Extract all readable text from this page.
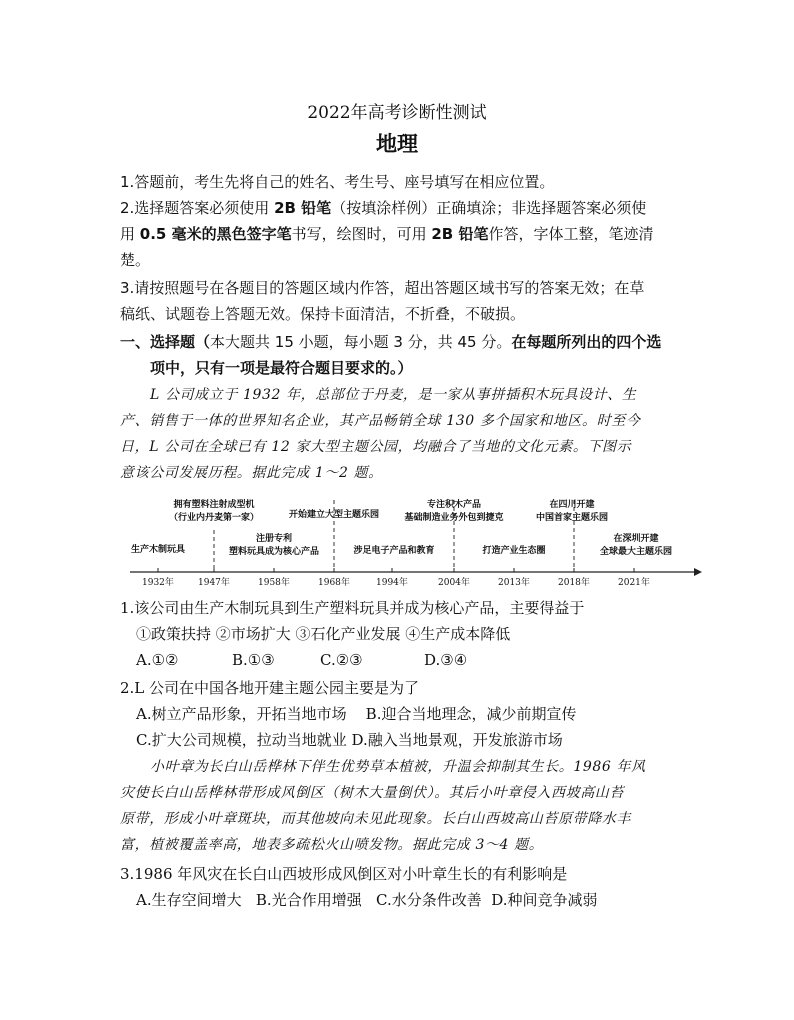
2022年高考诊断性测试
地理
1.答题前，考生先将自己的姓名、考生号、座号填写在相应位置。
2.选择题答案必须使用 2B 铅笔（按填涂样例）正确填涂；非选择题答案必须使
用 0.5 毫米的黑色签字笔书写，绘图时，可用 2B 铅笔作答，字体工整，笔迹清
楚。
3.请按照题号在各题目的答题区域内作答，超出答题区域书写的答案无效；在草
稿纸、试题卷上答题无效。保持卡面清洁，不折叠，不破损。
一、选择题（本大题共 15 小题，每小题 3 分，共 45 分。在每题所列出的四个选
项中，只有一项是最符合题目要求的。）
L 公司成立于 1932 年，总部位于丹麦，是一家从事拼插积木玩具设计、生
产、销售于一体的世界知名企业，其产品畅销全球 130 多个国家和地区。时至今
日，L 公司在全球已有 12 家大型主题公园，均融合了当地的文化元素。下图示
意该公司发展历程。据此完成 1～2 题。
生产木制玩具
拥有塑料注射成型机
（行业内丹麦第一家）
注册专利
塑料玩具成为核心产品
开始建立大型主题乐园
涉足电子产品和教育
专注积木产品
基础制造业务外包到捷克
打造产业生态圈
在四川开建
中国首家主题乐园
在深圳开建
全球最大主题乐园
1932年	1947年	1958年	1968年	1994年	2004年	2013年	2018年	2021年
1.该公司由生产木制玩具到生产塑料玩具并成为核心产品，主要得益于
①政策扶持 ②市场扩大 ③石化产业发展 ④生产成本降低
A.①②	B.①③	C.②③	D.③④
2.L 公司在中国各地开建主题公园主要是为了
A.树立产品形象，开拓当地市场    B.迎合当地理念，减少前期宣传
C.扩大公司规模，拉动当地就业 D.融入当地景观，开发旅游市场
小叶章为长白山岳桦林下伴生优势草本植被，升温会抑制其生长。1986 年风
灾使长白山岳桦林带形成风倒区（树木大量倒伏）。其后小叶章侵入西坡高山苔
原带，形成小叶章斑块，而其他坡向未见此现象。长白山西坡高山苔原带降水丰
富，植被覆盖率高，地表多疏松火山喷发物。据此完成 3～4 题。
3.1986 年风灾在长白山西坡形成风倒区对小叶章生长的有利影响是
A.生存空间增大   B.光合作用增强   C.水分条件改善  D.种间竞争减弱
